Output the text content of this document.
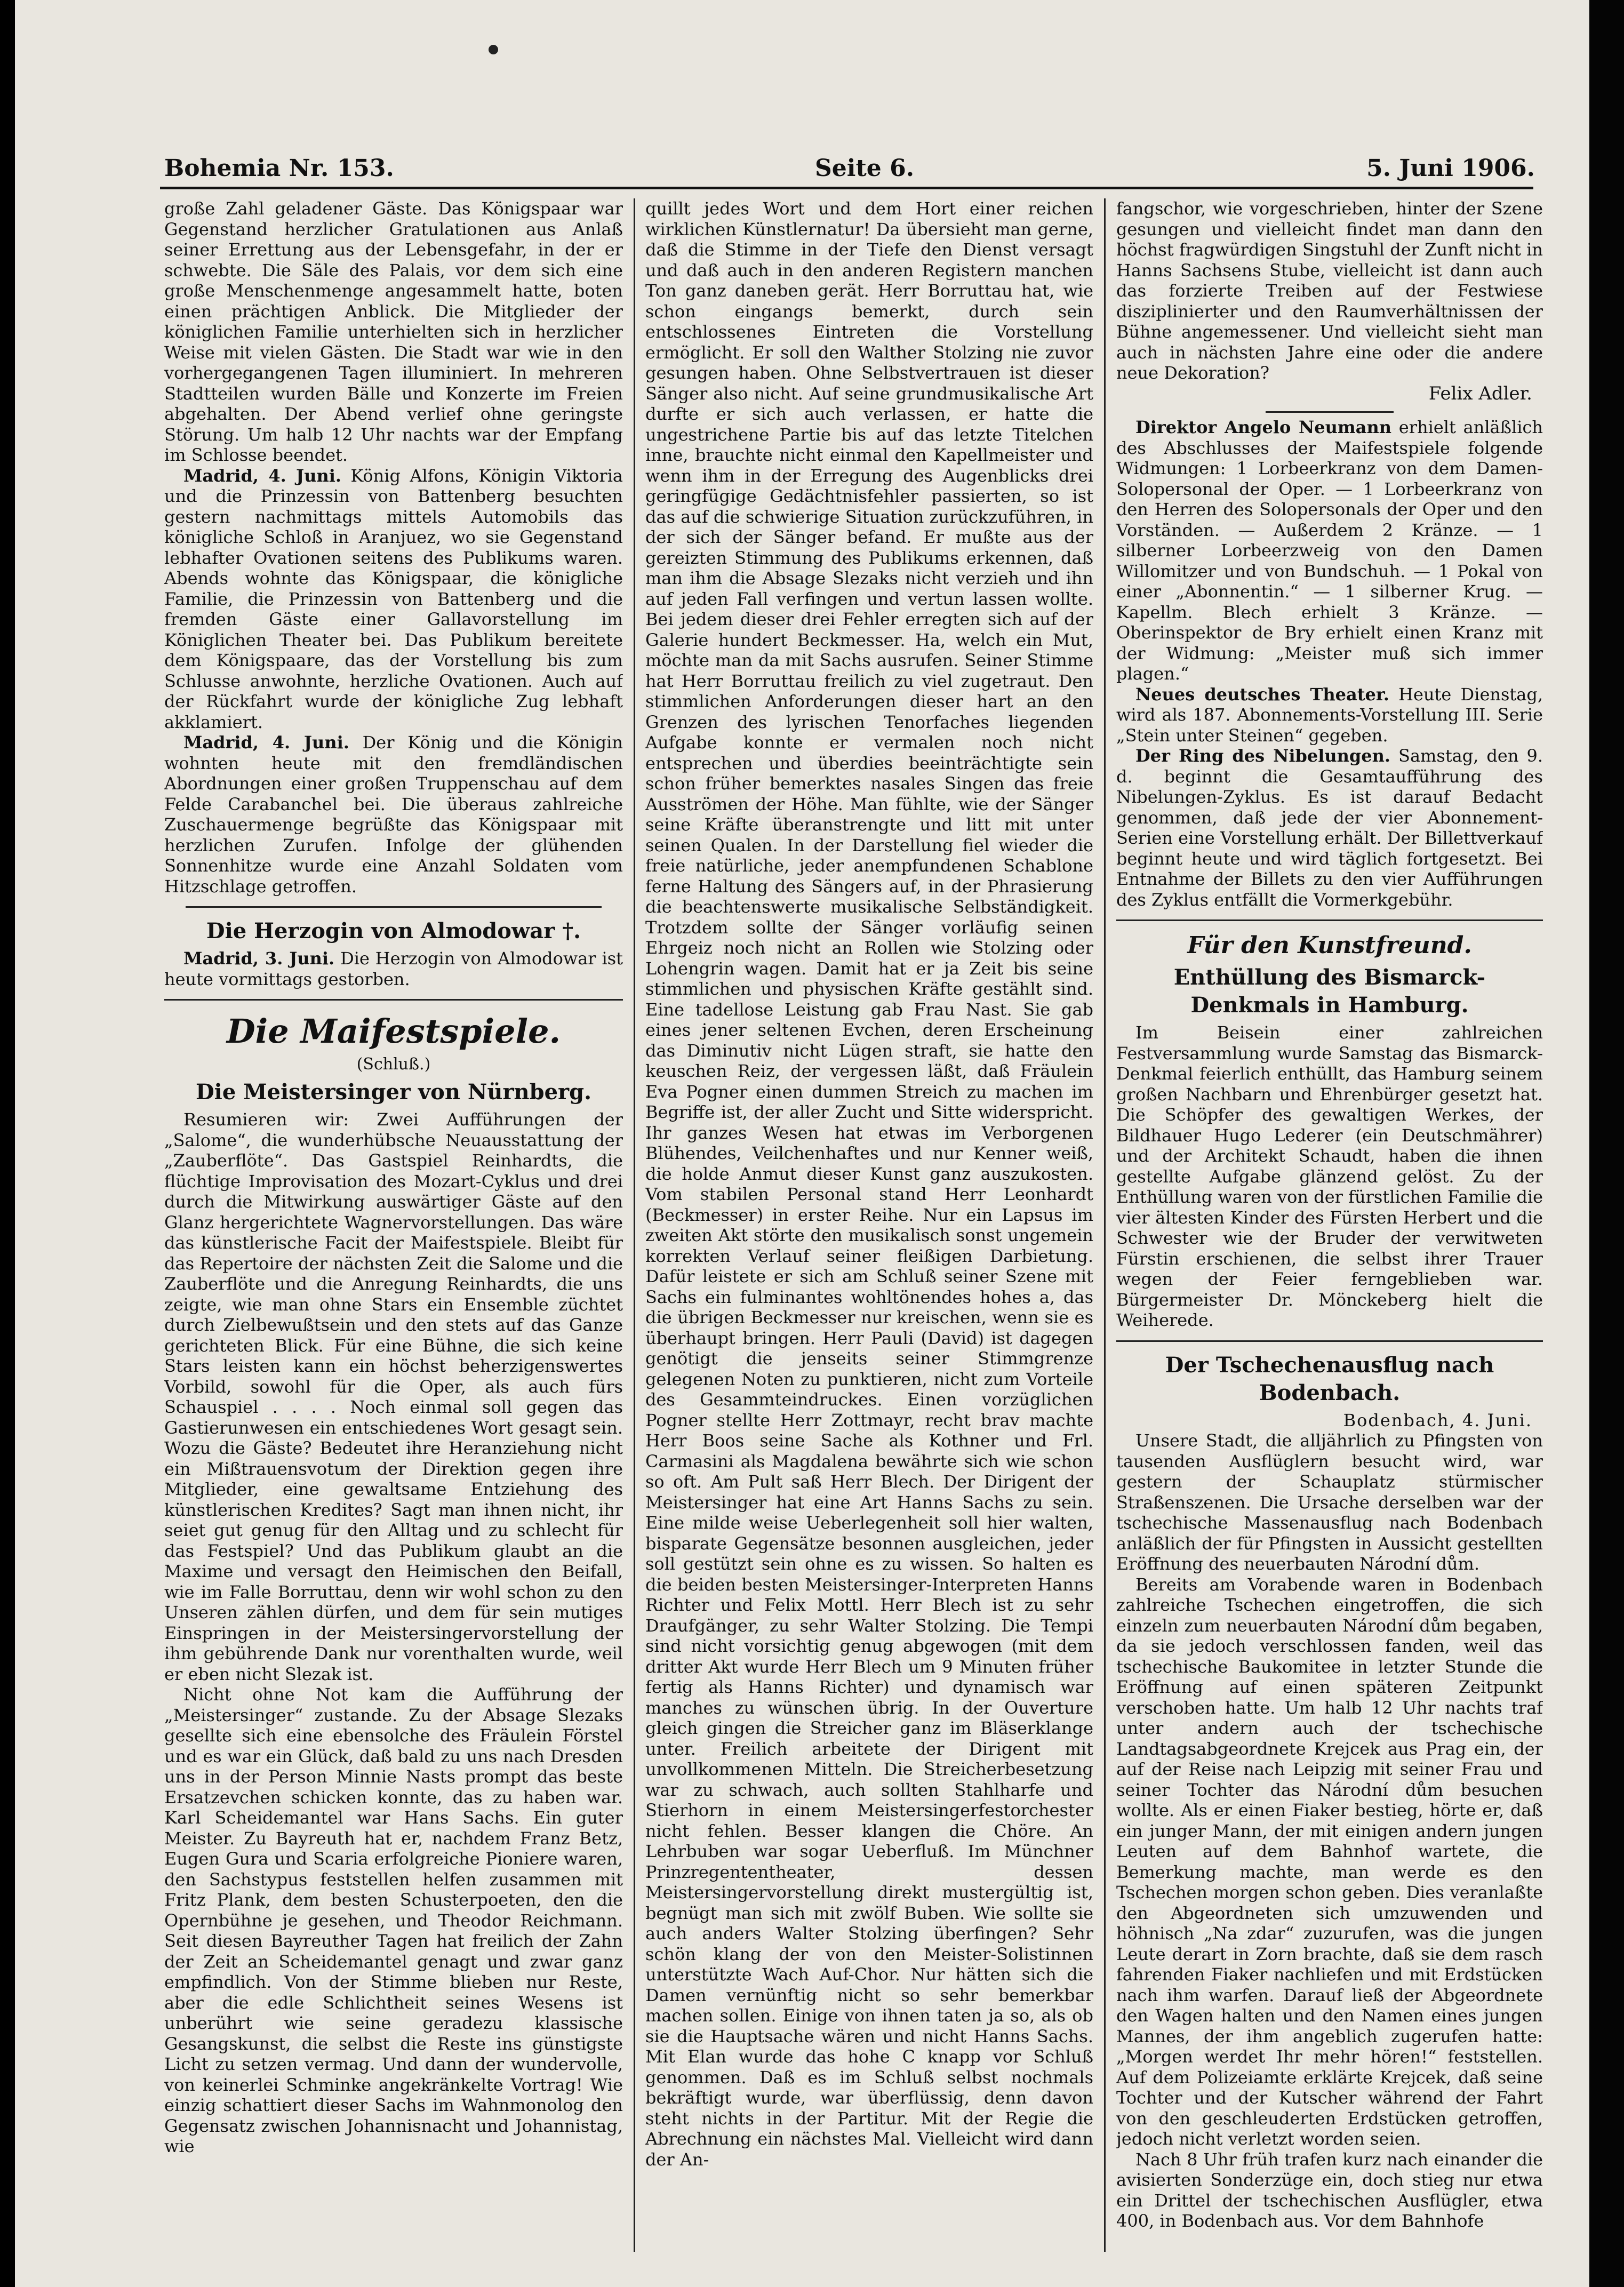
Bohemia Nr. 153.	Seite 6.	5. Juni 1906.

große Zahl geladener Gäste. Das Königspaar war Gegenstand herzlicher Gratulationen aus Anlaß seiner Errettung aus der Lebensgefahr, in der er schwebte. Die Säle des Palais, vor dem sich eine große Menschenmenge angesammelt hatte, boten einen prächtigen Anblick. Die Mitglieder der königlichen Familie unterhielten sich in herzlicher Weise mit vielen Gästen. Die Stadt war wie in den vorhergegangenen Tagen illuminiert. In mehreren Stadtteilen wurden Bälle und Konzerte im Freien abgehalten. Der Abend verlief ohne geringste Störung. Um halb 12 Uhr nachts war der Empfang im Schlosse beendet.

Madrid, 4. Juni. König Alfons, Königin Viktoria und die Prinzessin von Battenberg besuchten gestern nachmittags mittels Automobils das königliche Schloß in Aranjuez, wo sie Gegenstand lebhafter Ovationen seitens des Publikums waren. Abends wohnte das Königspaar, die königliche Familie, die Prinzessin von Battenberg und die fremden Gäste einer Gallavorstellung im Königlichen Theater bei. Das Publikum bereitete dem Königspaare, das der Vorstellung bis zum Schlusse anwohnte, herzliche Ovationen. Auch auf der Rückfahrt wurde der königliche Zug lebhaft akklamiert.

Madrid, 4. Juni. Der König und die Königin wohnten heute mit den fremdländischen Abordnungen einer großen Truppenschau auf dem Felde Carabanchel bei. Die überaus zahlreiche Zuschauermenge begrüßte das Königspaar mit herzlichen Zurufen. Infolge der glühenden Sonnenhitze wurde eine Anzahl Soldaten vom Hitzschlage getroffen.

Die Herzogin von Almodowar †.

Madrid, 3. Juni. Die Herzogin von Almodowar ist heute vormittags gestorben.

Die Maifestspiele.
(Schluß.)
Die Meistersinger von Nürnberg.

Resumieren wir: Zwei Aufführungen der „Salome“, die wunderhübsche Neuausstattung der „Zauberflöte“. Das Gastspiel Reinhardts, die flüchtige Improvisation des Mozart-Cyklus und drei durch die Mitwirkung auswärtiger Gäste auf den Glanz hergerichtete Wagnervorstellungen. Das wäre das künstlerische Facit der Maifestspiele. Bleibt für das Repertoire der nächsten Zeit die Salome und die Zauberflöte und die Anregung Reinhardts, die uns zeigte, wie man ohne Stars ein Ensemble züchtet durch Zielbewußtsein und den stets auf das Ganze gerichteten Blick. Für eine Bühne, die sich keine Stars leisten kann ein höchst beherzigenswertes Vorbild, sowohl für die Oper, als auch fürs Schauspiel . . . . Noch einmal soll gegen das Gastierunwesen ein entschiedenes Wort gesagt sein. Wozu die Gäste? Bedeutet ihre Heranziehung nicht ein Mißtrauensvotum der Direktion gegen ihre Mitglieder, eine gewaltsame Entziehung des künstlerischen Kredites? Sagt man ihnen nicht, ihr seiet gut genug für den Alltag und zu schlecht für das Festspiel? Und das Publikum glaubt an die Maxime und versagt den Heimischen den Beifall, wie im Falle Borruttau, denn wir wohl schon zu den Unseren zählen dürfen, und dem für sein mutiges Einspringen in der Meistersingervorstellung der ihm gebührende Dank nur vorenthalten wurde, weil er eben nicht Slezak ist.

Nicht ohne Not kam die Aufführung der „Meistersinger“ zustande. Zu der Absage Slezaks gesellte sich eine ebensolche des Fräulein Förstel und es war ein Glück, daß bald zu uns nach Dresden uns in der Person Minnie Nasts prompt das beste Ersatzevchen schicken konnte, das zu haben war. Karl Scheidemantel war Hans Sachs. Ein guter Meister. Zu Bayreuth hat er, nachdem Franz Betz, Eugen Gura und Scaria erfolgreiche Pioniere waren, den Sachstypus feststellen helfen zusammen mit Fritz Plank, dem besten Schusterpoeten, den die Opernbühne je gesehen, und Theodor Reichmann. Seit diesen Bayreuther Tagen hat freilich der Zahn der Zeit an Scheidemantel genagt und zwar ganz empfindlich. Von der Stimme blieben nur Reste, aber die edle Schlichtheit seines Wesens ist unberührt wie seine geradezu klassische Gesangskunst, die selbst die Reste ins günstigste Licht zu setzen vermag. Und dann der wundervolle, von keinerlei Schminke angekränkelte Vortrag! Wie einzig schattiert dieser Sachs im Wahnmonolog den Gegensatz zwischen Johannisnacht und Johannistag, wie

quillt jedes Wort und dem Hort einer reichen wirklichen Künstlernatur! Da übersieht man gerne, daß die Stimme in der Tiefe den Dienst versagt und daß auch in den anderen Registern manchen Ton ganz daneben gerät. Herr Borruttau hat, wie schon eingangs bemerkt, durch sein entschlossenes Eintreten die Vorstellung ermöglicht. Er soll den Walther Stolzing nie zuvor gesungen haben. Ohne Selbstvertrauen ist dieser Sänger also nicht. Auf seine grundmusikalische Art durfte er sich auch verlassen, er hatte die ungestrichene Partie bis auf das letzte Titelchen inne, brauchte nicht einmal den Kapellmeister und wenn ihm in der Erregung des Augenblicks drei geringfügige Gedächtnisfehler passierten, so ist das auf die schwierige Situation zurückzuführen, in der sich der Sänger befand. Er mußte aus der gereizten Stimmung des Publikums erkennen, daß man ihm die Absage Slezaks nicht verzieh und ihn auf jeden Fall verfingen und vertun lassen wollte. Bei jedem dieser drei Fehler erregten sich auf der Galerie hundert Beckmesser. Ha, welch ein Mut, möchte man da mit Sachs ausrufen. Seiner Stimme hat Herr Borruttau freilich zu viel zugetraut. Den stimmlichen Anforderungen dieser hart an den Grenzen des lyrischen Tenorfaches liegenden Aufgabe konnte er vermalen noch nicht entsprechen und überdies beeinträchtigte sein schon früher bemerktes nasales Singen das freie Ausströmen der Höhe. Man fühlte, wie der Sänger seine Kräfte überanstrengte und litt mit unter seinen Qualen. In der Darstellung fiel wieder die freie natürliche, jeder anempfundenen Schablone ferne Haltung des Sängers auf, in der Phrasierung die beachtenswerte musikalische Selbständigkeit. Trotzdem sollte der Sänger vorläufig seinen Ehrgeiz noch nicht an Rollen wie Stolzing oder Lohengrin wagen. Damit hat er ja Zeit bis seine stimmlichen und physischen Kräfte gestählt sind. Eine tadellose Leistung gab Frau Nast. Sie gab eines jener seltenen Evchen, deren Erscheinung das Diminutiv nicht Lügen straft, sie hatte den keuschen Reiz, der vergessen läßt, daß Fräulein Eva Pogner einen dummen Streich zu machen im Begriffe ist, der aller Zucht und Sitte widerspricht. Ihr ganzes Wesen hat etwas im Verborgenen Blühendes, Veilchenhaftes und nur Kenner weiß, die holde Anmut dieser Kunst ganz auszukosten. Vom stabilen Personal stand Herr Leonhardt (Beckmesser) in erster Reihe. Nur ein Lapsus im zweiten Akt störte den musikalisch sonst ungemein korrekten Verlauf seiner fleißigen Darbietung. Dafür leistete er sich am Schluß seiner Szene mit Sachs ein fulminantes wohltönendes hohes a, das die übrigen Beckmesser nur kreischen, wenn sie es überhaupt bringen. Herr Pauli (David) ist dagegen genötigt die jenseits seiner Stimmgrenze gelegenen Noten zu punktieren, nicht zum Vorteile des Gesammteindruckes. Einen vorzüglichen Pogner stellte Herr Zottmayr, recht brav machte Herr Boos seine Sache als Kothner und Frl. Carmasini als Magdalena bewährte sich wie schon so oft. Am Pult saß Herr Blech. Der Dirigent der Meistersinger hat eine Art Hanns Sachs zu sein. Eine milde weise Ueberlegenheit soll hier walten, bisparate Gegensätze besonnen ausgleichen, jeder soll gestützt sein ohne es zu wissen. So halten es die beiden besten Meistersinger-Interpreten Hanns Richter und Felix Mottl. Herr Blech ist zu sehr Draufgänger, zu sehr Walter Stolzing. Die Tempi sind nicht vorsichtig genug abgewogen (mit dem dritter Akt wurde Herr Blech um 9 Minuten früher fertig als Hanns Richter) und dynamisch war manches zu wünschen übrig. In der Ouverture gleich gingen die Streicher ganz im Bläserklange unter. Freilich arbeitete der Dirigent mit unvollkommenen Mitteln. Die Streicherbesetzung war zu schwach, auch sollten Stahlharfe und Stierhorn in einem Meistersingerfestorchester nicht fehlen. Besser klangen die Chöre. An Lehrbuben war sogar Ueberfluß. Im Münchner Prinzregententheater, dessen Meistersingervorstellung direkt mustergültig ist, begnügt man sich mit zwölf Buben. Wie sollte sie auch anders Walter Stolzing überfingen? Sehr schön klang der von den Meister-Solistinnen unterstützte Wach Auf-Chor. Nur hätten sich die Damen vernünftig nicht so sehr bemerkbar machen sollen. Einige von ihnen taten ja so, als ob sie die Hauptsache wären und nicht Hanns Sachs. Mit Elan wurde das hohe C knapp vor Schluß genommen. Daß es im Schluß selbst nochmals bekräftigt wurde, war überflüssig, denn davon steht nichts in der Partitur. Mit der Regie die Abrechnung ein nächstes Mal. Vielleicht wird dann der An-

fangschor, wie vorgeschrieben, hinter der Szene gesungen und vielleicht findet man dann den höchst fragwürdigen Singstuhl der Zunft nicht in Hanns Sachsens Stube, vielleicht ist dann auch das forzierte Treiben auf der Festwiese disziplinierter und den Raumverhältnissen der Bühne angemessener. Und vielleicht sieht man auch in nächsten Jahre eine oder die andere neue Dekoration?

Felix Adler.

Direktor Angelo Neumann erhielt anläßlich des Abschlusses der Maifestspiele folgende Widmungen: 1 Lorbeerkranz von dem Damen-Solopersonal der Oper. — 1 Lorbeerkranz von den Herren des Solopersonals der Oper und den Vorständen. — Außerdem 2 Kränze. — 1 silberner Lorbeerzweig von den Damen Willomitzer und von Bundschuh. — 1 Pokal von einer „Abonnentin.“ — 1 silberner Krug. — Kapellm. Blech erhielt 3 Kränze. — Oberinspektor de Bry erhielt einen Kranz mit der Widmung: „Meister muß sich immer plagen.“

Neues deutsches Theater. Heute Dienstag, wird als 187. Abonnements-Vorstellung III. Serie „Stein unter Steinen“ gegeben.

Der Ring des Nibelungen. Samstag, den 9. d. beginnt die Gesamtaufführung des Nibelungen-Zyklus. Es ist darauf Bedacht genommen, daß jede der vier Abonnement-Serien eine Vorstellung erhält. Der Billettverkauf beginnt heute und wird täglich fortgesetzt. Bei Entnahme der Billets zu den vier Aufführungen des Zyklus entfällt die Vormerkgebühr.

Für den Kunstfreund.
Enthüllung des Bismarck-Denkmals in Hamburg.

Im Beisein einer zahlreichen Festversammlung wurde Samstag das Bismarck-Denkmal feierlich enthüllt, das Hamburg seinem großen Nachbarn und Ehrenbürger gesetzt hat. Die Schöpfer des gewaltigen Werkes, der Bildhauer Hugo Lederer (ein Deutschmährer) und der Architekt Schaudt, haben die ihnen gestellte Aufgabe glänzend gelöst. Zu der Enthüllung waren von der fürstlichen Familie die vier ältesten Kinder des Fürsten Herbert und die Schwester wie der Bruder der verwitweten Fürstin erschienen, die selbst ihrer Trauer wegen der Feier ferngeblieben war. Bürgermeister Dr. Mönckeberg hielt die Weiherede.

Der Tschechenausflug nach Bodenbach.
Bodenbach, 4. Juni.

Unsere Stadt, die alljährlich zu Pfingsten von tausenden Ausflüglern besucht wird, war gestern der Schauplatz stürmischer Straßenszenen. Die Ursache derselben war der tschechische Massenausflug nach Bodenbach anläßlich der für Pfingsten in Aussicht gestellten Eröffnung des neuerbauten Národní dům.

Bereits am Vorabende waren in Bodenbach zahlreiche Tschechen eingetroffen, die sich einzeln zum neuerbauten Národní dům begaben, da sie jedoch verschlossen fanden, weil das tschechische Baukomitee in letzter Stunde die Eröffnung auf einen späteren Zeitpunkt verschoben hatte. Um halb 12 Uhr nachts traf unter andern auch der tschechische Landtagsabgeordnete Krejcek aus Prag ein, der auf der Reise nach Leipzig mit seiner Frau und seiner Tochter das Národní dům besuchen wollte. Als er einen Fiaker bestieg, hörte er, daß ein junger Mann, der mit einigen andern jungen Leuten auf dem Bahnhof wartete, die Bemerkung machte, man werde es den Tschechen morgen schon geben. Dies veranlaßte den Abgeordneten sich umzuwenden und höhnisch „Na zdar“ zuzurufen, was die jungen Leute derart in Zorn brachte, daß sie dem rasch fahrenden Fiaker nachliefen und mit Erdstücken nach ihm warfen. Darauf ließ der Abgeordnete den Wagen halten und den Namen eines jungen Mannes, der ihm angeblich zugerufen hatte: „Morgen werdet Ihr mehr hören!“ feststellen. Auf dem Polizeiamte erklärte Krejcek, daß seine Tochter und der Kutscher während der Fahrt von den geschleuderten Erdstücken getroffen, jedoch nicht verletzt worden seien.

Nach 8 Uhr früh trafen kurz nach einander die avisierten Sonderzüge ein, doch stieg nur etwa ein Drittel der tschechischen Ausflügler, etwa 400, in Bodenbach aus. Vor dem Bahnhofe
